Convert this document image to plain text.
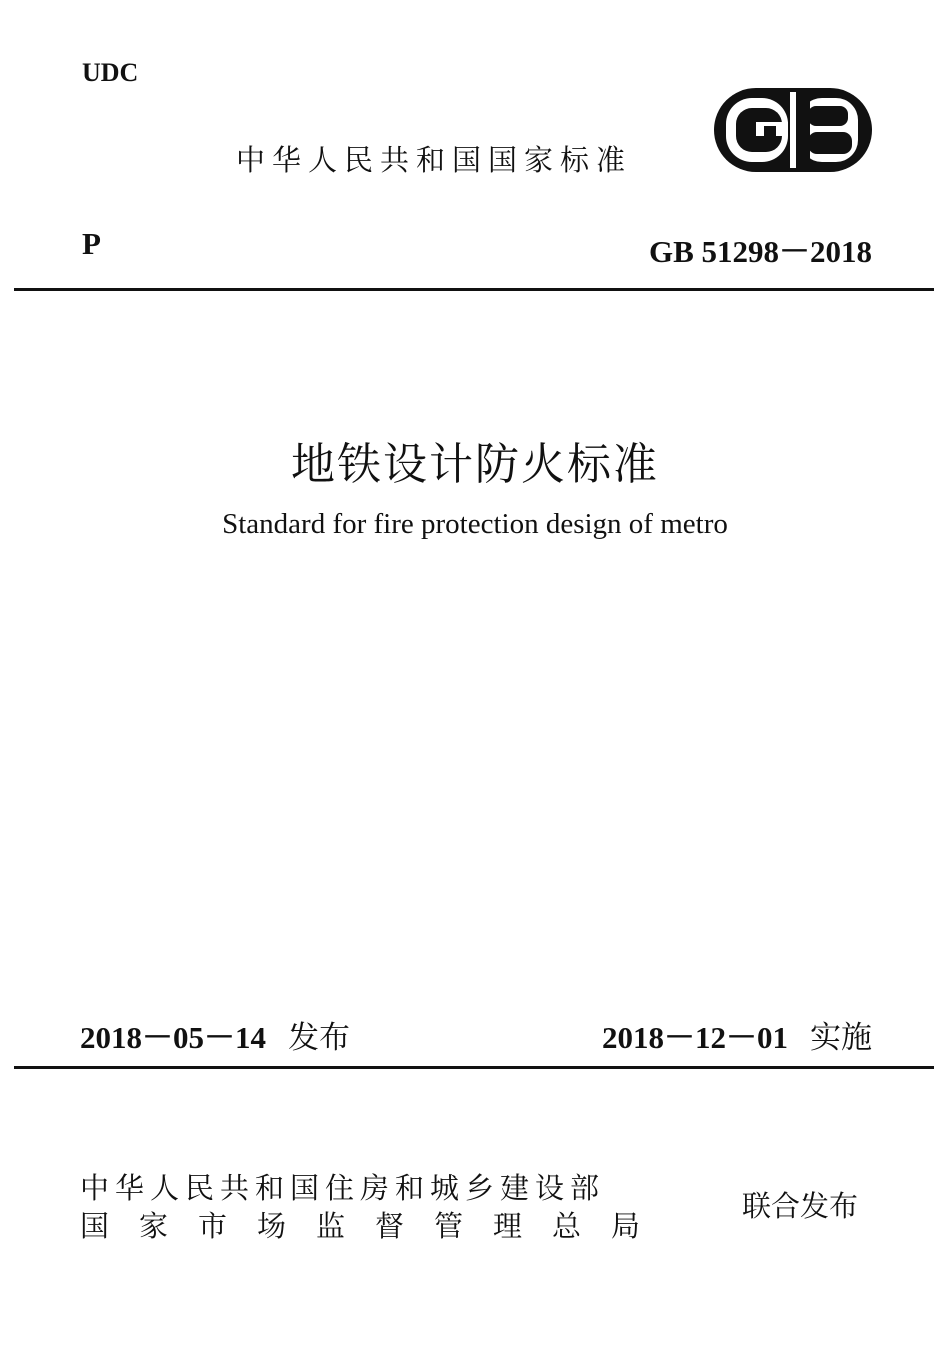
UDC
中华人民共和国国家标准
P	GB 51298－2018
地铁设计防火标准
Standard for fire protection design of metro
2018－05－14 发布	2018－12－01 实施
中华人民共和国住房和城乡建设部
国家市场监督管理总局
联合发布
